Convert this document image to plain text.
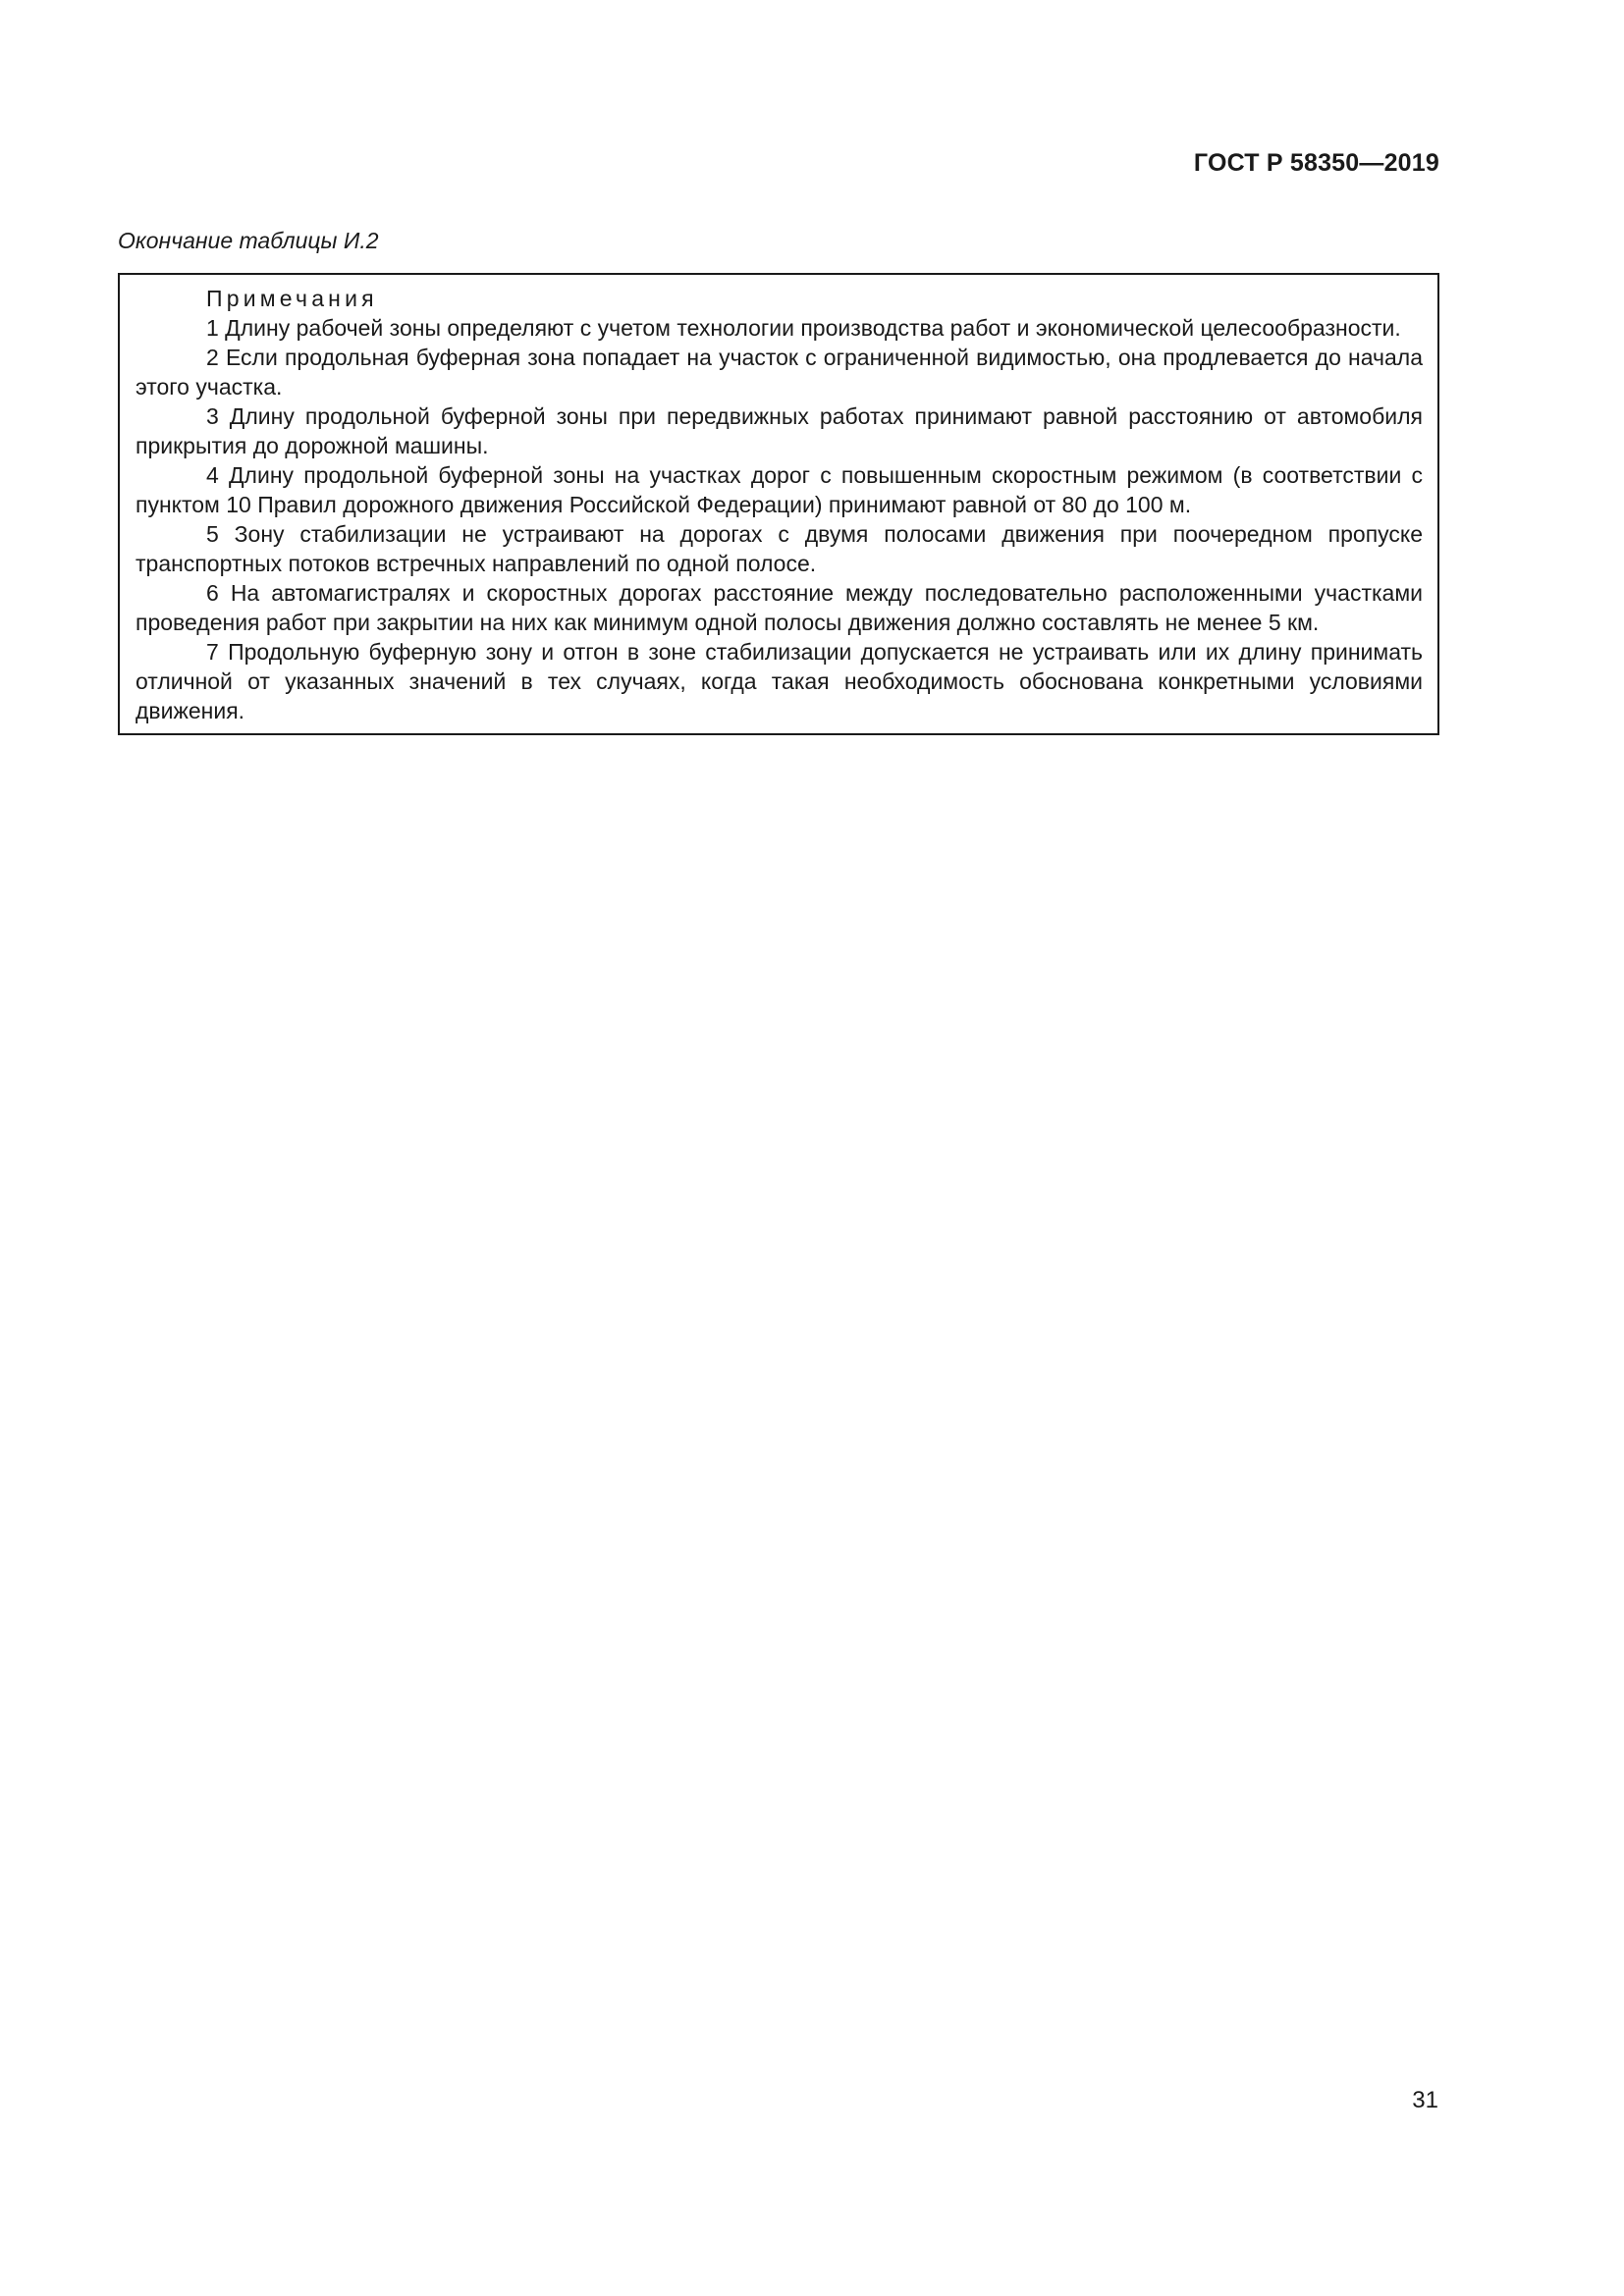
ГОСТ Р 58350—2019
Окончание таблицы И.2

Примечания

1 Длину рабочей зоны определяют с учетом технологии производства работ и экономической целесообразности.

2 Если продольная буферная зона попадает на участок с ограниченной видимостью, она продлевается до начала этого участка.

3 Длину продольной буферной зоны при передвижных работах принимают равной расстоянию от автомобиля прикрытия до дорожной машины.

4 Длину продольной буферной зоны на участках дорог с повышенным скоростным режимом (в соответствии с пунктом 10 Правил дорожного движения Российской Федерации) принимают равной от 80 до 100 м.

5 Зону стабилизации не устраивают на дорогах с двумя полосами движения при поочередном пропуске транспортных потоков встречных направлений по одной полосе.

6 На автомагистралях и скоростных дорогах расстояние между последовательно расположенными участками проведения работ при закрытии на них как минимум одной полосы движения должно составлять не менее 5 км.

7 Продольную буферную зону и отгон в зоне стабилизации допускается не устраивать или их длину принимать отличной от указанных значений в тех случаях, когда такая необходимость обоснована конкретными условиями движения.

31
